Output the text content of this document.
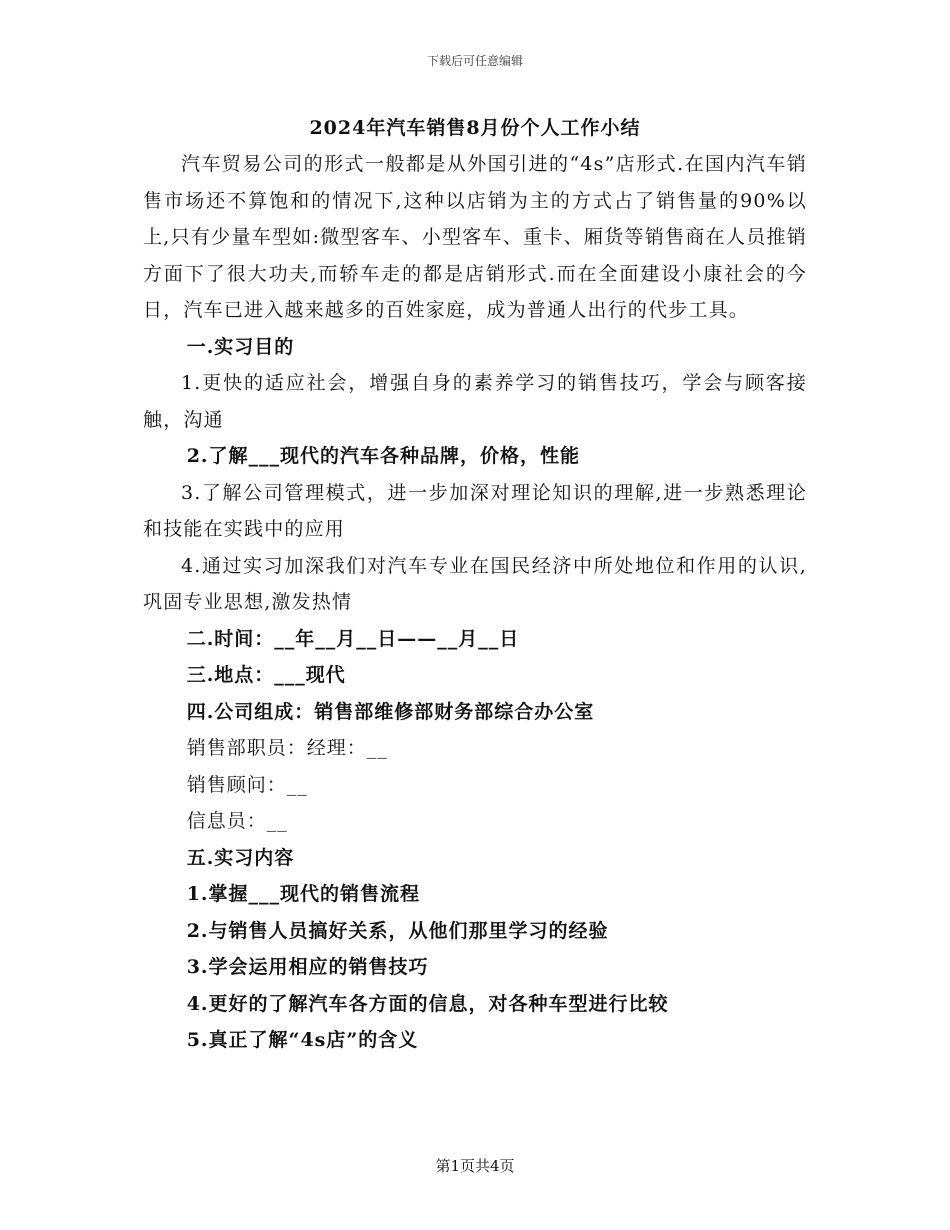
下载后可任意编辑
2024年汽车销售8月份个人工作小结

汽车贸易公司的形式一般都是从外国引进的“4s”店形式.在国内汽车销售市场还不算饱和的情况下,这种以店销为主的方式占了销售量的90%以上,只有少量车型如:微型客车、小型客车、重卡、厢货等销售商在人员推销方面下了很大功夫,而轿车走的都是店销形式.而在全面建设小康社会的今日，汽车已进入越来越多的百姓家庭，成为普通人出行的代步工具。

一.实习目的

1.更快的适应社会，增强自身的素养学习的销售技巧，学会与顾客接触，沟通

2.了解___现代的汽车各种品牌，价格，性能

3.了解公司管理模式，进一步加深对理论知识的理解,进一步熟悉理论和技能在实践中的应用

4.通过实习加深我们对汽车专业在国民经济中所处地位和作用的认识,巩固专业思想,激发热情

二.时间：__年__月__日——__月__日

三.地点：___现代

四.公司组成：销售部维修部财务部综合办公室

销售部职员：经理：__

销售顾问：__

信息员：__

五.实习内容

1.掌握___现代的销售流程

2.与销售人员搞好关系，从他们那里学习的经验

3.学会运用相应的销售技巧

4.更好的了解汽车各方面的信息，对各种车型进行比较

5.真正了解“4s店”的含义

第1页共4页
